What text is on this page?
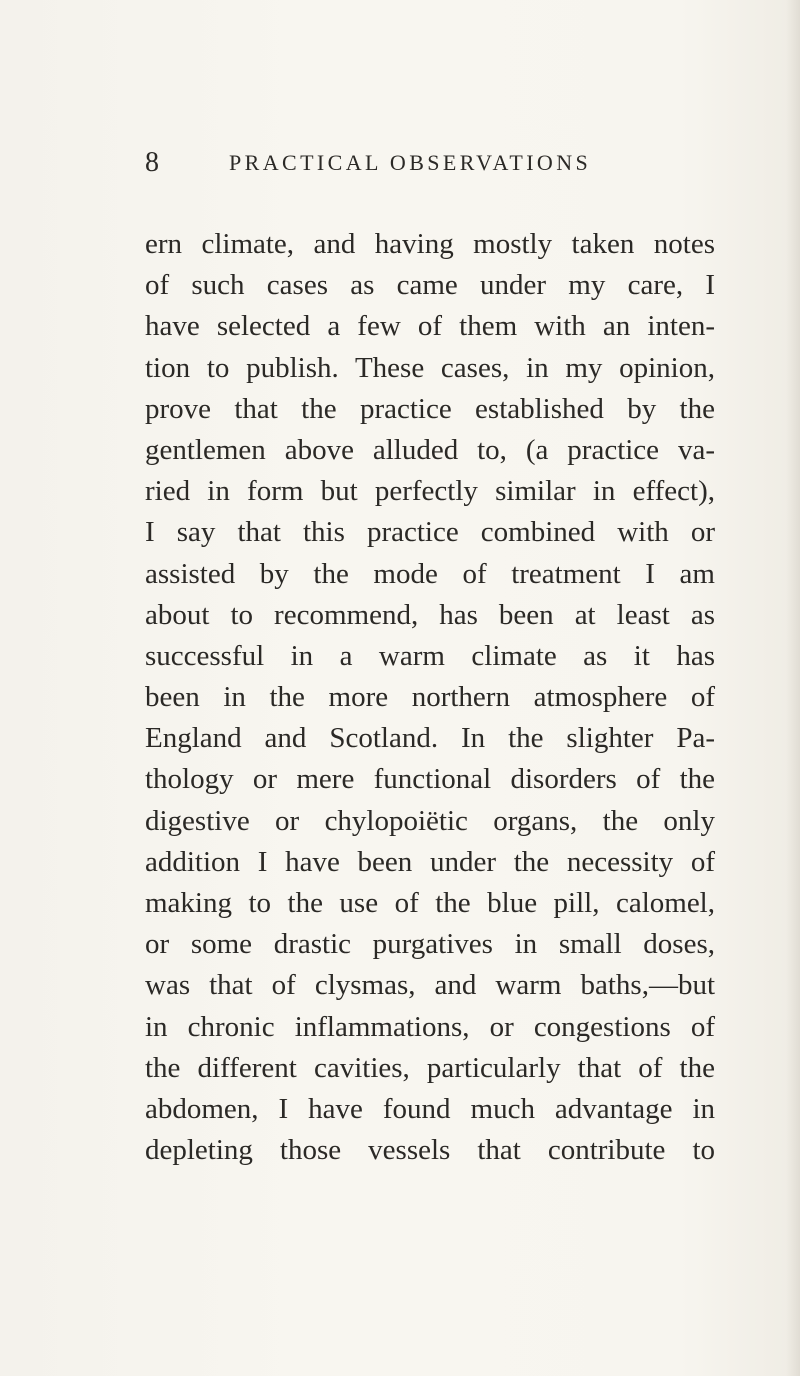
8	PRACTICAL OBSERVATIONS
ern climate, and having mostly taken notes
of such cases as came under my care, I
have selected a few of them with an inten-
tion to publish. These cases, in my opinion,
prove that the practice established by the
gentlemen above alluded to, (a practice va-
ried in form but perfectly similar in effect),
I say that this practice combined with or
assisted by the mode of treatment I am
about to recommend, has been at least as
successful in a warm climate as it has
been in the more northern atmosphere of
England and Scotland. In the slighter Pa-
thology or mere functional disorders of the
digestive or chylopoiëtic organs, the only
addition I have been under the necessity of
making to the use of the blue pill, calomel,
or some drastic purgatives in small doses,
was that of clysmas, and warm baths,—but
in chronic inflammations, or congestions of
the different cavities, particularly that of the
abdomen, I have found much advantage in
depleting those vessels that contribute to
